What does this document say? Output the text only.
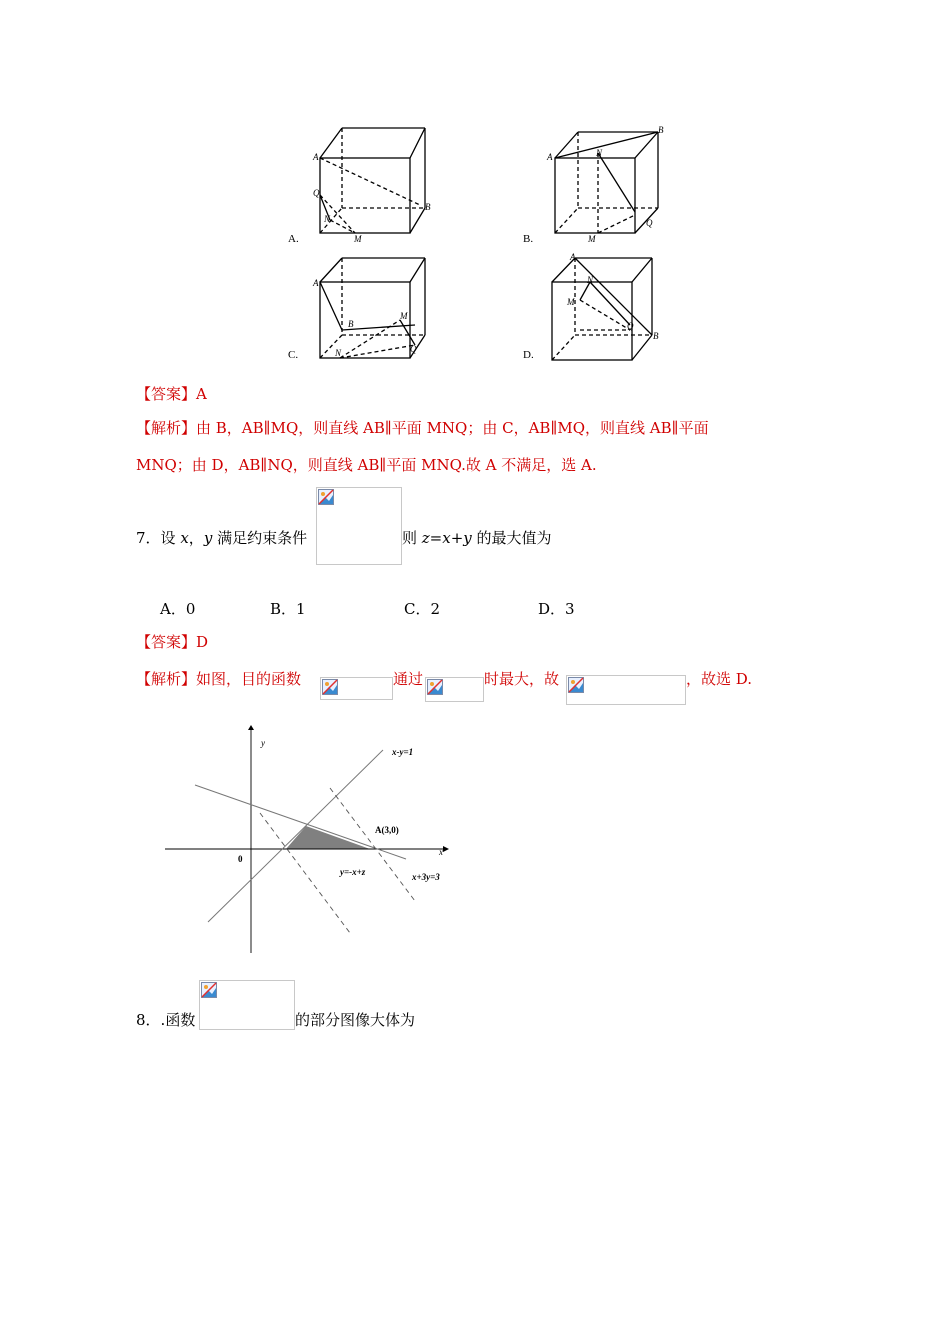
A
Q
N
M
B
A.
A
B
N
M
Q
B.
A
B
M
N	Q
C.
A
N
M
Q
B
D.
【答案】A
【解析】由 B，AB∥MQ，则直线 AB∥平面 MNQ；由 C，AB∥MQ，则直线 AB∥平面
MNQ；由 D，AB∥NQ，则直线 AB∥平面 MNQ.故 A 不满足，选 A.
7．设 x，y 满足约束条件	则 z=x+y 的最大值为
A．0	B．1	C．2	D．3
【答案】D
【解析】如图，目的函数	通过	时最大，故	，故选 D.
y
x
0
x-y=1
A(3,0)
y=-x+z	x+3y=3
8．.函数	的部分图像大体为
